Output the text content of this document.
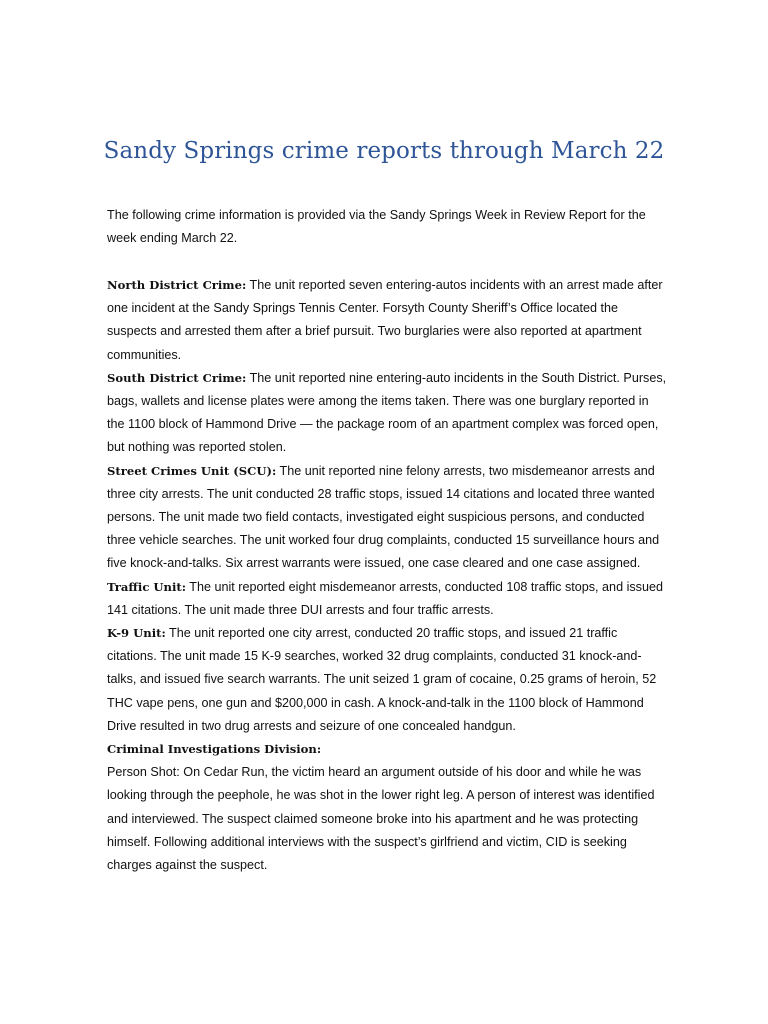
Sandy Springs crime reports through March 22

The following crime information is provided via the Sandy Springs Week in Review Report for the week ending March 22.

North District Crime: The unit reported seven entering-autos incidents with an arrest made after one incident at the Sandy Springs Tennis Center. Forsyth County Sheriff’s Office located the suspects and arrested them after a brief pursuit. Two burglaries were also reported at apartment communities.

South District Crime: The unit reported nine entering-auto incidents in the South District. Purses, bags, wallets and license plates were among the items taken. There was one burglary reported in the 1100 block of Hammond Drive — the package room of an apartment complex was forced open, but nothing was reported stolen.

Street Crimes Unit (SCU): The unit reported nine felony arrests, two misdemeanor arrests and three city arrests. The unit conducted 28 traffic stops, issued 14 citations and located three wanted persons. The unit made two field contacts, investigated eight suspicious persons, and conducted three vehicle searches. The unit worked four drug complaints, conducted 15 surveillance hours and five knock-and-talks. Six arrest warrants were issued, one case cleared and one case assigned.

Traffic Unit: The unit reported eight misdemeanor arrests, conducted 108 traffic stops, and issued 141 citations. The unit made three DUI arrests and four traffic arrests.

K-9 Unit: The unit reported one city arrest, conducted 20 traffic stops, and issued 21 traffic citations. The unit made 15 K-9 searches, worked 32 drug complaints, conducted 31 knock-and-talks, and issued five search warrants. The unit seized 1 gram of cocaine, 0.25 grams of heroin, 52 THC vape pens, one gun and $200,000 in cash. A knock-and-talk in the 1100 block of Hammond Drive resulted in two drug arrests and seizure of one concealed handgun.

Criminal Investigations Division:

Person Shot: On Cedar Run, the victim heard an argument outside of his door and while he was looking through the peephole, he was shot in the lower right leg. A person of interest was identified and interviewed. The suspect claimed someone broke into his apartment and he was protecting himself. Following additional interviews with the suspect’s girlfriend and victim, CID is seeking charges against the suspect.
